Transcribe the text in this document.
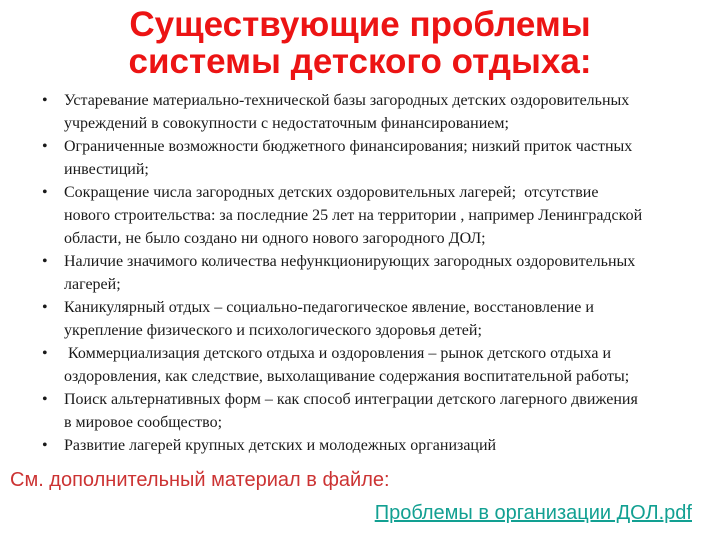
Существующие проблемы
системы детского отдыха:
• Устаревание материально-технической базы загородных детских оздоровительных
учреждений в совокупности с недостаточным финансированием;
• Ограниченные возможности бюджетного финансирования; низкий приток частных
инвестиций;
• Сокращение числа загородных детских оздоровительных лагерей;  отсутствие
нового строительства: за последние 25 лет на территории , например Ленинградской
области, не было создано ни одного нового загородного ДОЛ;
• Наличие значимого количества нефункционирующих загородных оздоровительных
лагерей;
• Каникулярный отдых – социально-педагогическое явление, восстановление и
укрепление физического и психологического здоровья детей;
• Коммерциализация детского отдыха и оздоровления – рынок детского отдыха и
оздоровления, как следствие, выхолащивание содержания воспитательной работы;
• Поиск альтернативных форм – как способ интеграции детского лагерного движения
в мировое сообщество;
• Развитие лагерей крупных детских и молодежных организаций
См. дополнительный материал в файле:
Проблемы в организации ДОЛ.pdf
